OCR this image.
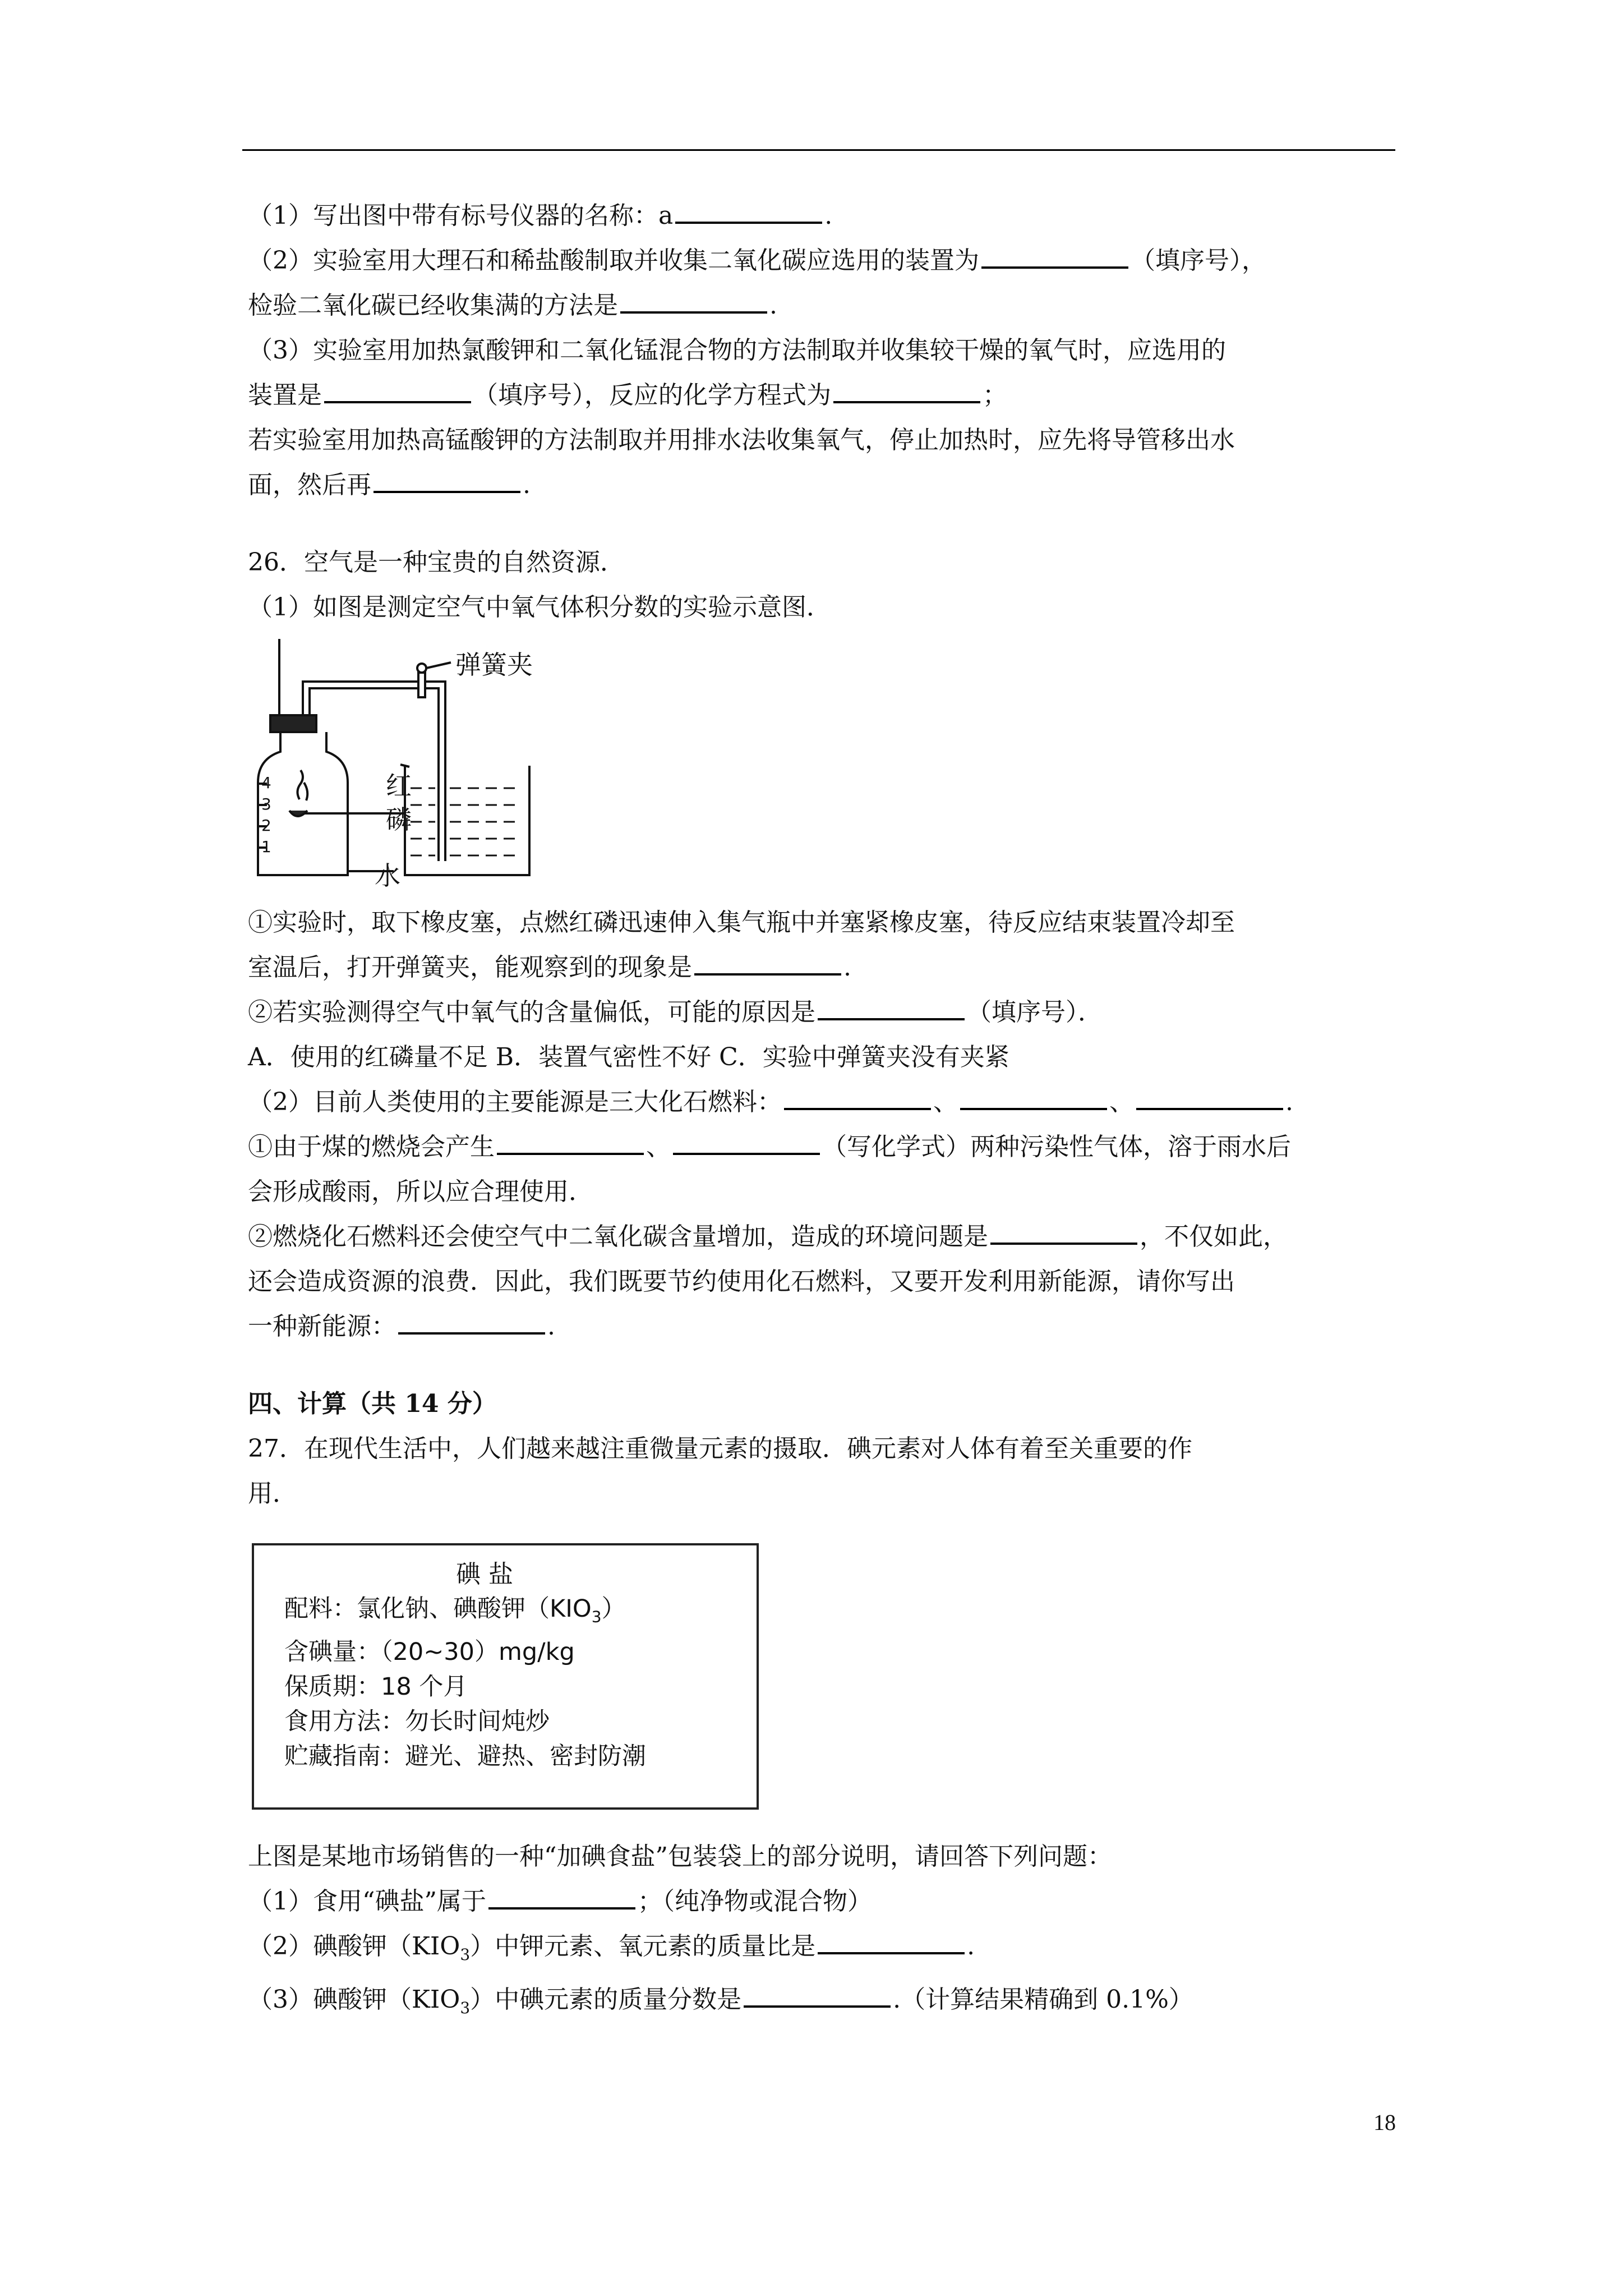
（1）写出图中带有标号仪器的名称：a	.

（2）实验室用大理石和稀盐酸制取并收集二氧化碳应选用的装置为	（填序号），

检验二氧化碳已经收集满的方法是	.

（3）实验室用加热氯酸钾和二氧化锰混合物的方法制取并收集较干燥的氧气时，应选用的

装置是	（填序号），反应的化学方程式为	；

若实验室用加热高锰酸钾的方法制取并用排水法收集氧气，停止加热时，应先将导管移出水

面，然后再	.

26．空气是一种宝贵的自然资源．

（1）如图是测定空气中氧气体积分数的实验示意图．

弹簧夹
红
磷
水
4
3
2
1

①实验时，取下橡皮塞，点燃红磷迅速伸入集气瓶中并塞紧橡皮塞，待反应结束装置冷却至

室温后，打开弹簧夹，能观察到的现象是	.

②若实验测得空气中氧气的含量偏低，可能的原因是	（填序号）．

A．使用的红磷量不足 B．装置气密性不好 C．实验中弹簧夹没有夹紧

（2）目前人类使用的主要能源是三大化石燃料：	、	、	.

①由于煤的燃烧会产生	、	（写化学式）两种污染性气体，溶于雨水后

会形成酸雨，所以应合理使用．

②燃烧化石燃料还会使空气中二氧化碳含量增加，造成的环境问题是	，不仅如此，

还会造成资源的浪费．因此，我们既要节约使用化石燃料，又要开发利用新能源，请你写出

一种新能源：	.

四、计算（共 14 分）

27．在现代生活中，人们越来越注重微量元素的摄取．碘元素对人体有着至关重要的作

用．

碘 盐
配料：氯化钠、碘酸钾$(KIO_3)$
含碘量：（20~30）mg/kg
保质期：18 个月
食用方法：勿长时间炖炒
贮藏指南：避光、避热、密封防潮

上图是某地市场销售的一种“加碘食盐”包装袋上的部分说明，请回答下列问题：

（1）食用“碘盐”属于	；（纯净物或混合物）

（2）碘酸钾$(KIO_3)$中钾元素、氧元素的质量比是	.

（3）碘酸钾$(KIO_3)$中碘元素的质量分数是	.（计算结果精确到 0.1%）

18
